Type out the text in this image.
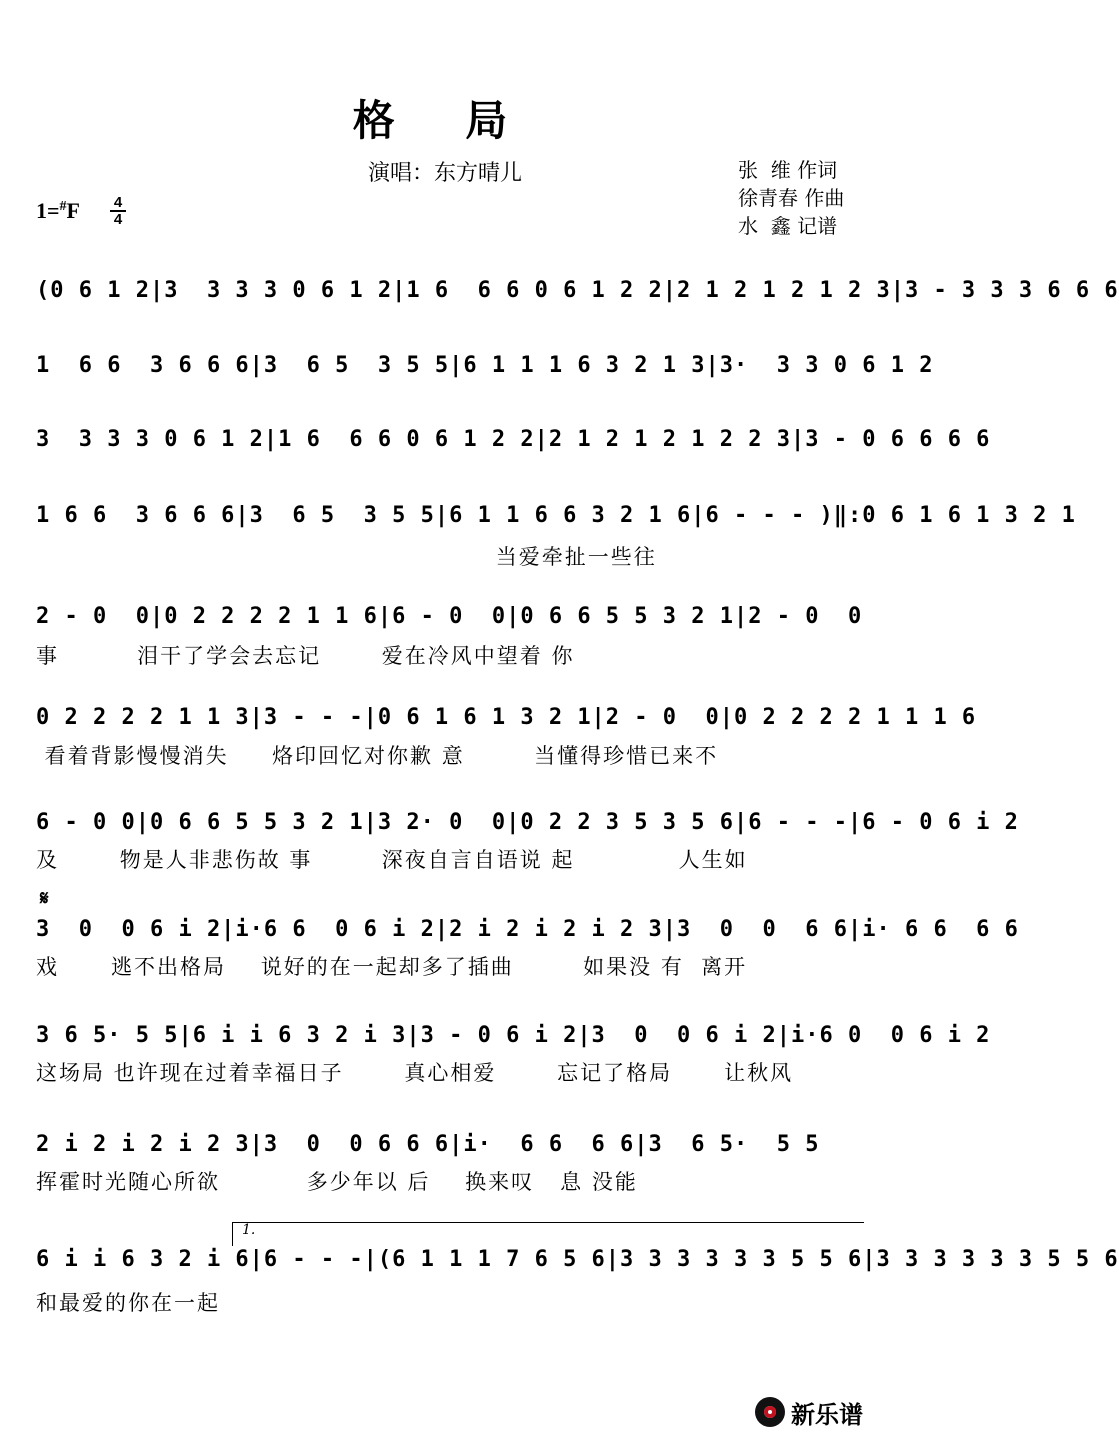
格 局
演唱：东方晴儿	张  维 作词
徐青春 作曲
水  鑫 记谱
1=#F 4
4
(0 6 1 2|3  3 3 3 0 6 1 2|1 6  6 6 0 6 1 2 2|2 1 2 1 2 1 2 3|3 - 3 3 3 6 6 6
1  6 6  3 6 6 6|3  6 5  3 5 5|6 1 1 1 6 3 2 1 3|3·  3 3 0 6 1 2
3  3 3 3 0 6 1 2|1 6  6 6 0 6 1 2 2|2 1 2 1 2 1 2 2 3|3 - 0 6 6 6 6
1 6 6  3 6 6 6|3  6 5  3 5 5|6 1 1 6 6 3 2 1 6|6 - - - )‖:0 6 1 6 1 3 2 1
当爱牵扯一些往
2 - 0  0|0 2 2 2 2 1 1 6|6 - 0  0|0 6 6 5 5 3 2 1|2 - 0  0
事         泪干了学会去忘记       爱在冷风中望着 你
0 2 2 2 2 1 1 3|3 - - -|0 6 1 6 1 3 2 1|2 - 0  0|0 2 2 2 2 1 1 1 6
看着背影慢慢消失     烙印回忆对你歉 意        当懂得珍惜已来不
6 - 0 0|0 6 6 5 5 3 2 1|3 2· 0  0|0 2 2 3 5 3 5 6|6 - - -|6 - 0 6 i 2
及       物是人非悲伤故 事        深夜自言自语说 起            人生如
𝄋
3  0  0 6 i 2|i·6 6  0 6 i 2|2 i 2 i 2 i 2 3|3  0  0  6 6|i· 6 6  6 6
戏      逃不出格局    说好的在一起却多了插曲        如果没 有  离开
3 6 5· 5 5|6 i i 6 3 2 i 3|3 - 0 6 i 2|3  0  0 6 i 2|i·6 0  0 6 i 2
这场局 也许现在过着幸福日子       真心相爱       忘记了格局      让秋风
2 i 2 i 2 i 2 3|3  0  0 6 6 6|i·  6 6  6 6|3  6 5·  5 5
挥霍时光随心所欲          多少年以 后    换来叹   息 没能
1.
6 i i 6 3 2 i 6|6 - - -|(6 1 1 1 7 6 5 6|3 3 3 3 3 3 5 5 6|3 3 3 3 3 3 5 5 6
和最爱的你在一起
新乐谱
